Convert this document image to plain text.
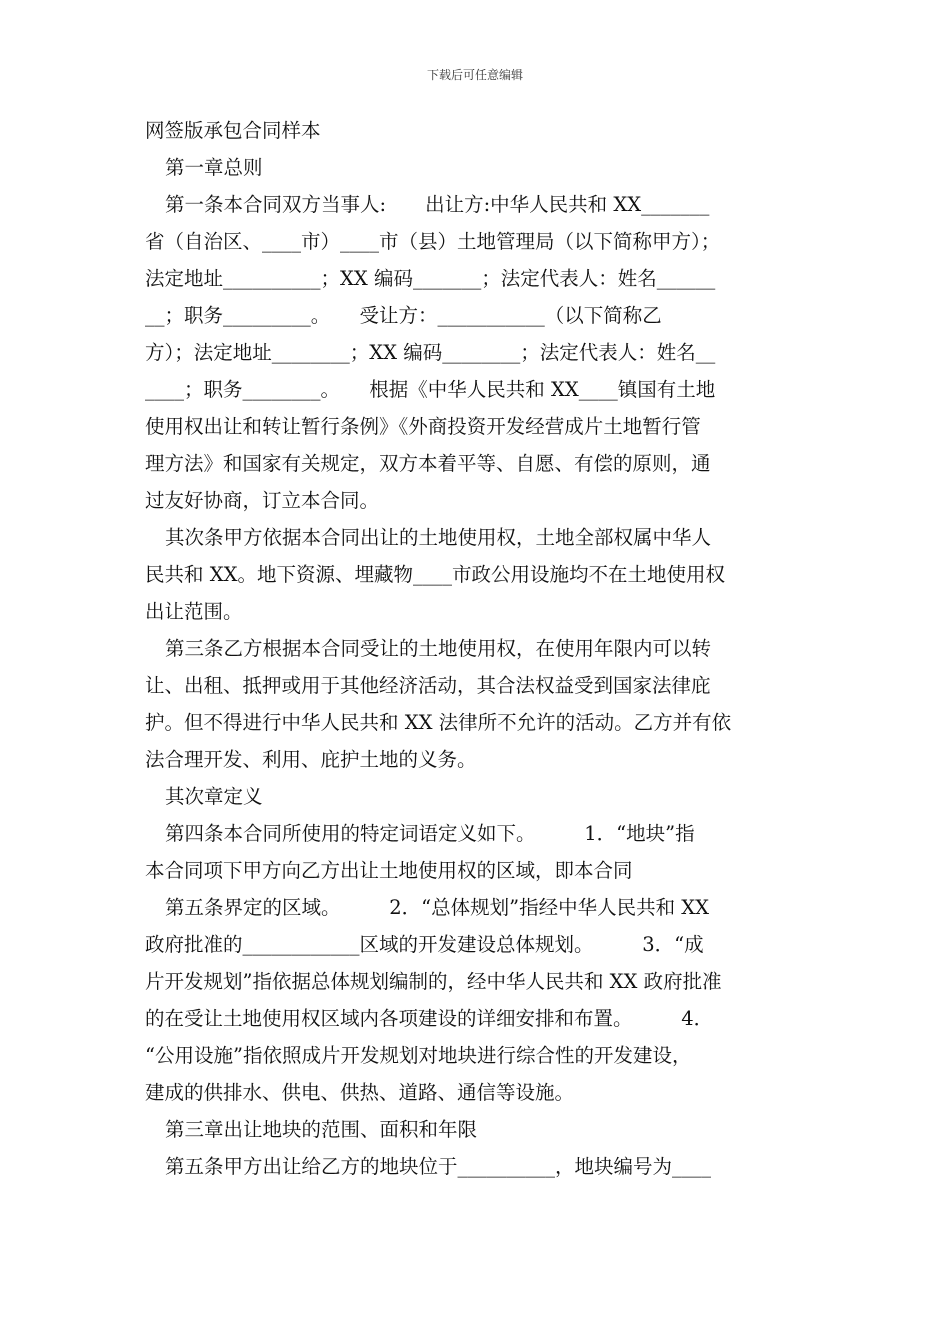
下载后可任意编辑
网签版承包合同样本
第一章总则
第一条本合同双方当事人:　　出让方:中华人民共和 XX_______
省（自治区、____市）____市（县）土地管理局（以下简称甲方）；
法定地址__________；XX 编码_______；法定代表人：姓名______
__；职务_________。　　受让方：___________（以下简称乙
方）；法定地址________；XX 编码________；法定代表人：姓名__
____；职务________。　　根据《中华人民共和 XX____镇国有土地
使用权出让和转让暂行条例》《外商投资开发经营成片土地暂行管
理方法》和国家有关规定，双方本着平等、自愿、有偿的原则，通
过友好协商，订立本合同。
其次条甲方依据本合同出让的土地使用权，土地全部权属中华人
民共和 XX。地下资源、埋藏物____市政公用设施均不在土地使用权
出让范围。
第三条乙方根据本合同受让的土地使用权，在使用年限内可以转
让、出租、抵押或用于其他经济活动，其合法权益受到国家法律庇
护。但不得进行中华人民共和 XX 法律所不允许的活动。乙方并有依
法合理开发、利用、庇护土地的义务。
其次章定义
第四条本合同所使用的特定词语定义如下。　　　1．“地块”指
本合同项下甲方向乙方出让土地使用权的区域，即本合同
第五条界定的区域。　　　2．“总体规划”指经中华人民共和 XX
政府批准的____________区域的开发建设总体规划。　　　3．“成
片开发规划”指依据总体规划编制的，经中华人民共和 XX 政府批准
的在受让土地使用权区域内各项建设的详细安排和布置。　　　4．
“公用设施”指依照成片开发规划对地块进行综合性的开发建设，
建成的供排水、供电、供热、道路、通信等设施。
第三章出让地块的范围、面积和年限
第五条甲方出让给乙方的地块位于__________，地块编号为____
